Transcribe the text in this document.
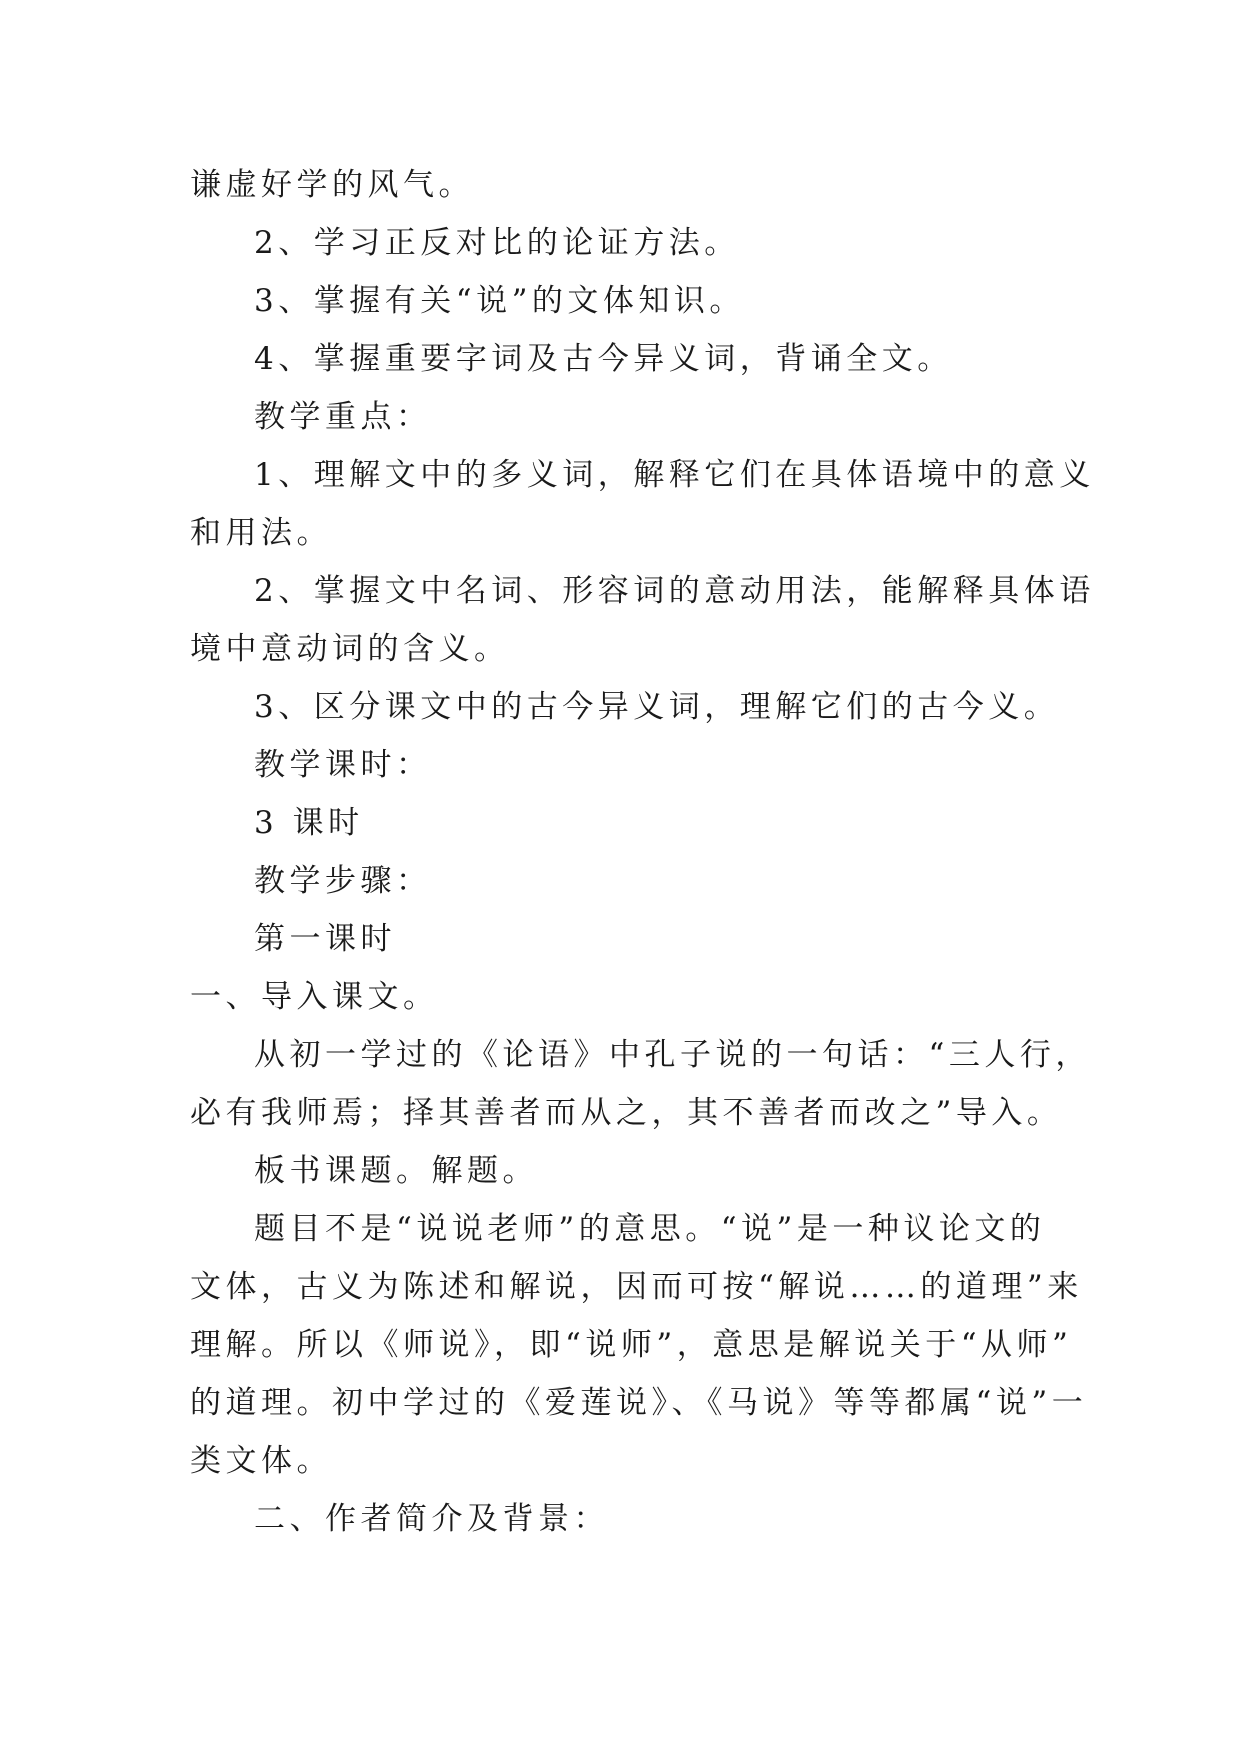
谦虚好学的风气。
2、学习正反对比的论证方法。
3、掌握有关“说”的文体知识。
4、掌握重要字词及古今异义词，背诵全文。
教学重点：
1、理解文中的多义词，解释它们在具体语境中的意义
和用法。
2、掌握文中名词、形容词的意动用法，能解释具体语
境中意动词的含义。
3、区分课文中的古今异义词，理解它们的古今义。
教学课时：
3 课时
教学步骤：
第一课时
一、导入课文。
从初一学过的《论语》中孔子说的一句话：“三人行，
必有我师焉；择其善者而从之，其不善者而改之”导入。
板书课题。解题。
题目不是“说说老师”的意思。“说”是一种议论文的
文体，古义为陈述和解说，因而可按“解说……的道理”来
理解。所以《师说》，即“说师”，意思是解说关于“从师”
的道理。初中学过的《爱莲说》、《马说》等等都属“说”一
类文体。
二、作者简介及背景：
